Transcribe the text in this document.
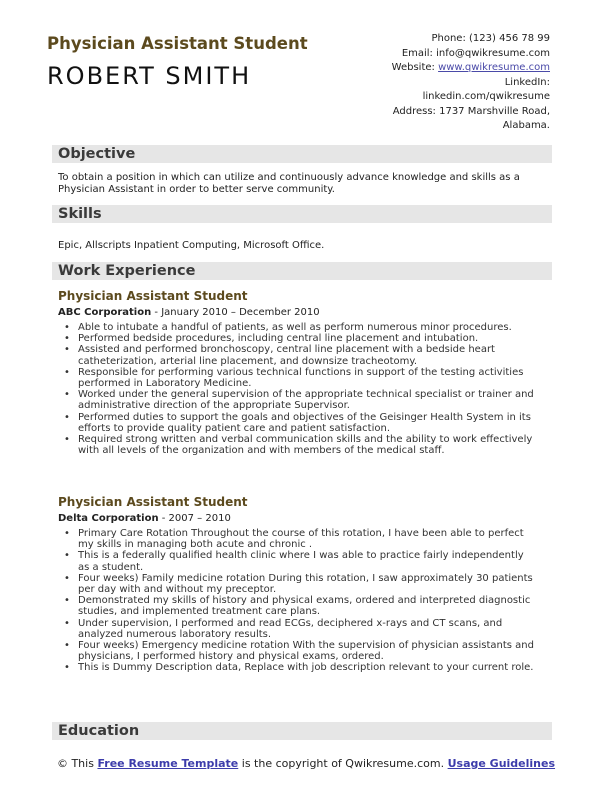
Physician Assistant Student
ROBERT SMITH
Phone: (123) 456 78 99
Email: info@qwikresume.com
Website: www.qwikresume.com
LinkedIn:
linkedin.com/qwikresume
Address: 1737 Marshville Road,
Alabama.
Objective
To obtain a position in which can utilize and continuously advance knowledge and skills as a Physician Assistant in order to better serve community.
Skills
Epic, Allscripts Inpatient Computing, Microsoft Office.
Work Experience
Physician Assistant Student
ABC Corporation - January 2010 – December 2010
• Able to intubate a handful of patients, as well as perform numerous minor procedures.
• Performed bedside procedures, including central line placement and intubation.
• Assisted and performed bronchoscopy, central line placement with a bedside heart catheterization, arterial line placement, and downsize tracheotomy.
• Responsible for performing various technical functions in support of the testing activities performed in Laboratory Medicine.
• Worked under the general supervision of the appropriate technical specialist or trainer and administrative direction of the appropriate Supervisor.
• Performed duties to support the goals and objectives of the Geisinger Health System in its efforts to provide quality patient care and patient satisfaction.
• Required strong written and verbal communication skills and the ability to work effectively with all levels of the organization and with members of the medical staff.
Physician Assistant Student
Delta Corporation - 2007 – 2010
• Primary Care Rotation Throughout the course of this rotation, I have been able to perfect my skills in managing both acute and chronic .
• This is a federally qualified health clinic where I was able to practice fairly independently as a student.
• Four weeks) Family medicine rotation During this rotation, I saw approximately 30 patients per day with and without my preceptor.
• Demonstrated my skills of history and physical exams, ordered and interpreted diagnostic studies, and implemented treatment care plans.
• Under supervision, I performed and read ECGs, deciphered x-rays and CT scans, and analyzed numerous laboratory results.
• Four weeks) Emergency medicine rotation With the supervision of physician assistants and physicians, I performed history and physical exams, ordered.
• This is Dummy Description data, Replace with job description relevant to your current role.
Education
© This Free Resume Template is the copyright of Qwikresume.com. Usage Guidelines
